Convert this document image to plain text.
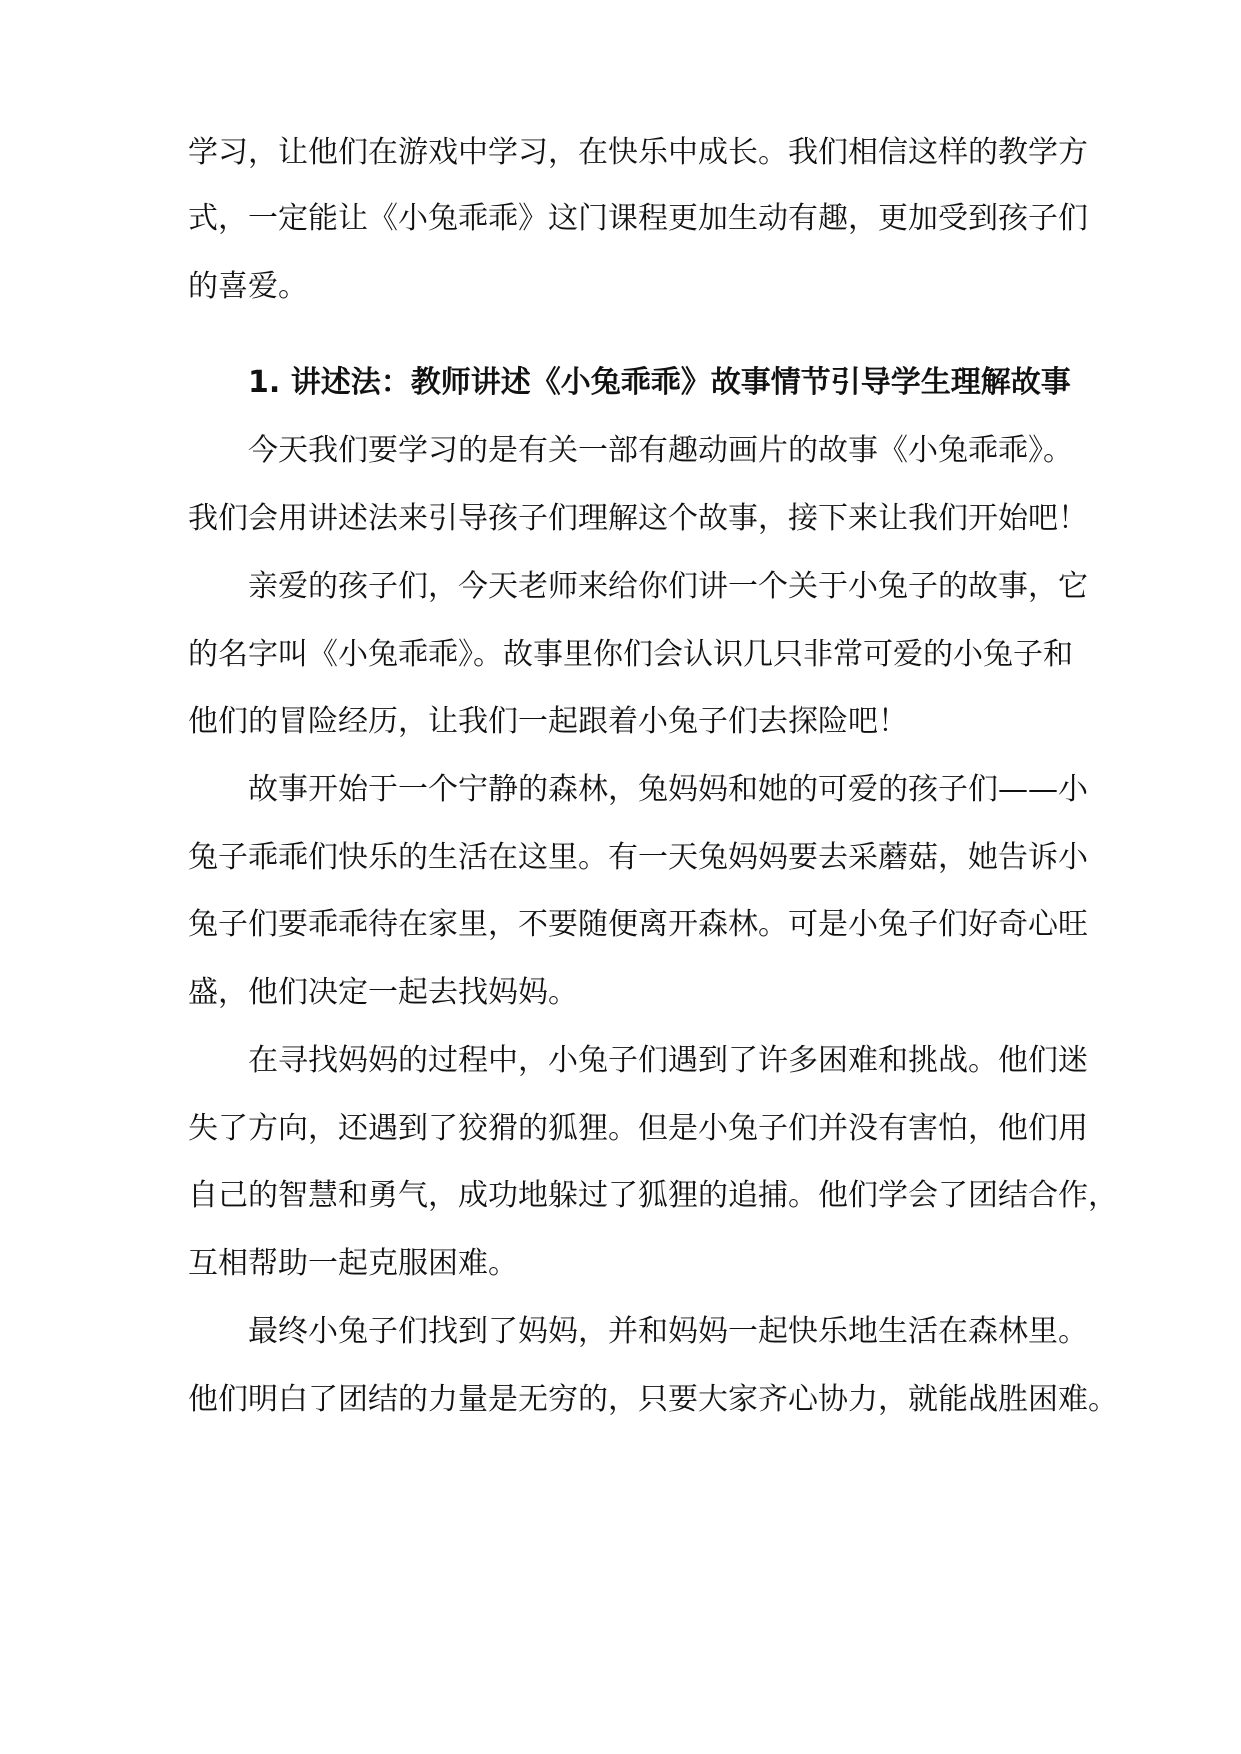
学习，让他们在游戏中学习，在快乐中成长。我们相信这样的教学方
式，一定能让《小兔乖乖》这门课程更加生动有趣，更加受到孩子们
的喜爱。
1. 讲述法：教师讲述《小兔乖乖》故事情节引导学生理解故事
今天我们要学习的是有关一部有趣动画片的故事《小兔乖乖》。
我们会用讲述法来引导孩子们理解这个故事，接下来让我们开始吧！
亲爱的孩子们，今天老师来给你们讲一个关于小兔子的故事，它
的名字叫《小兔乖乖》。故事里你们会认识几只非常可爱的小兔子和
他们的冒险经历，让我们一起跟着小兔子们去探险吧！
故事开始于一个宁静的森林，兔妈妈和她的可爱的孩子们——小
兔子乖乖们快乐的生活在这里。有一天兔妈妈要去采蘑菇，她告诉小
兔子们要乖乖待在家里，不要随便离开森林。可是小兔子们好奇心旺
盛，他们决定一起去找妈妈。
在寻找妈妈的过程中，小兔子们遇到了许多困难和挑战。他们迷
失了方向，还遇到了狡猾的狐狸。但是小兔子们并没有害怕，他们用
自己的智慧和勇气，成功地躲过了狐狸的追捕。他们学会了团结合作，
互相帮助一起克服困难。
最终小兔子们找到了妈妈，并和妈妈一起快乐地生活在森林里。
他们明白了团结的力量是无穷的，只要大家齐心协力，就能战胜困难。
